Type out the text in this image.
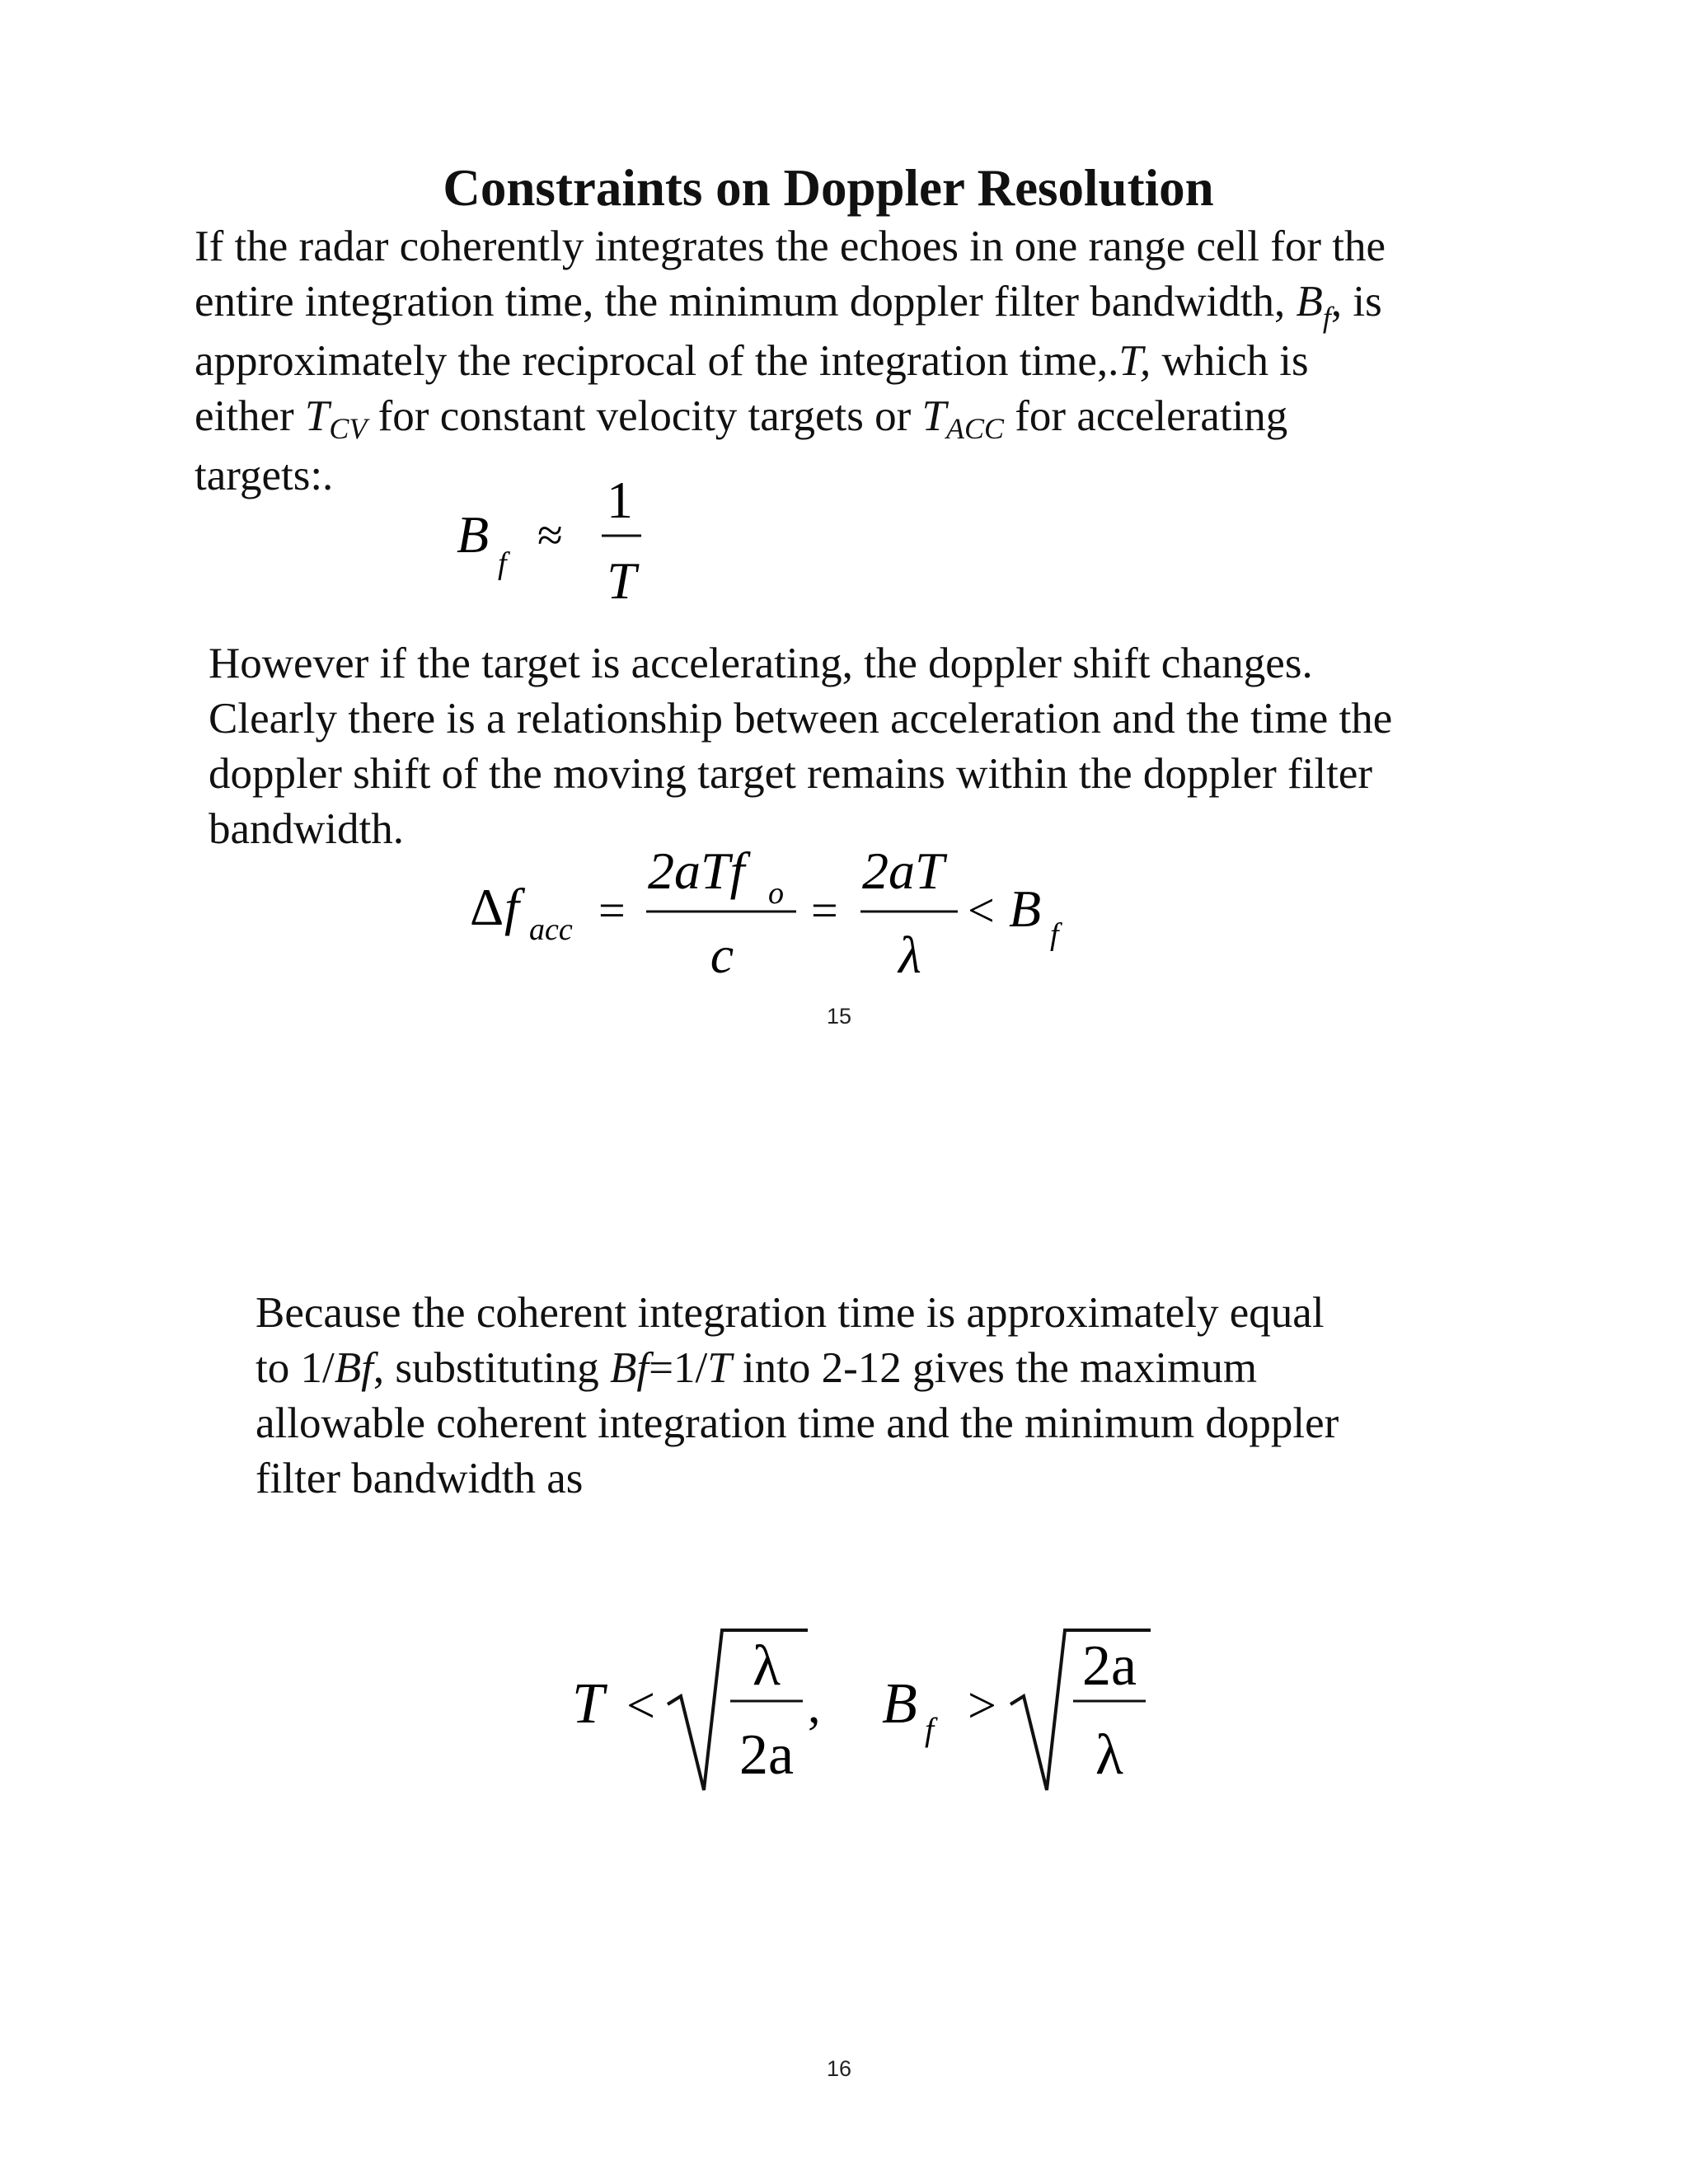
Constraints on Doppler Resolution
If the radar coherently integrates the echoes in one range cell for the
entire integration time, the minimum doppler filter bandwidth, $B_f$, is
approximately the reciprocal of the integration time,.T, which is
either TCV for constant velocity targets or TACC for accelerating
targets:.
B f
≈
1
T
However if the target is accelerating, the doppler shift changes.
Clearly there is a relationship between acceleration and the time the
doppler shift of the moving target remains within the doppler filter
bandwidth.
Δ f acc =
2aTf o
c
=
2aT
λ
< B f
15
Because the coherent integration time is approximately equal
to 1/Bf, substituting Bf=1/T into 2-12 gives the maximum
allowable coherent integration time and the minimum doppler
filter bandwidth as
T <
λ
2a
, B f >
2a
λ
16
